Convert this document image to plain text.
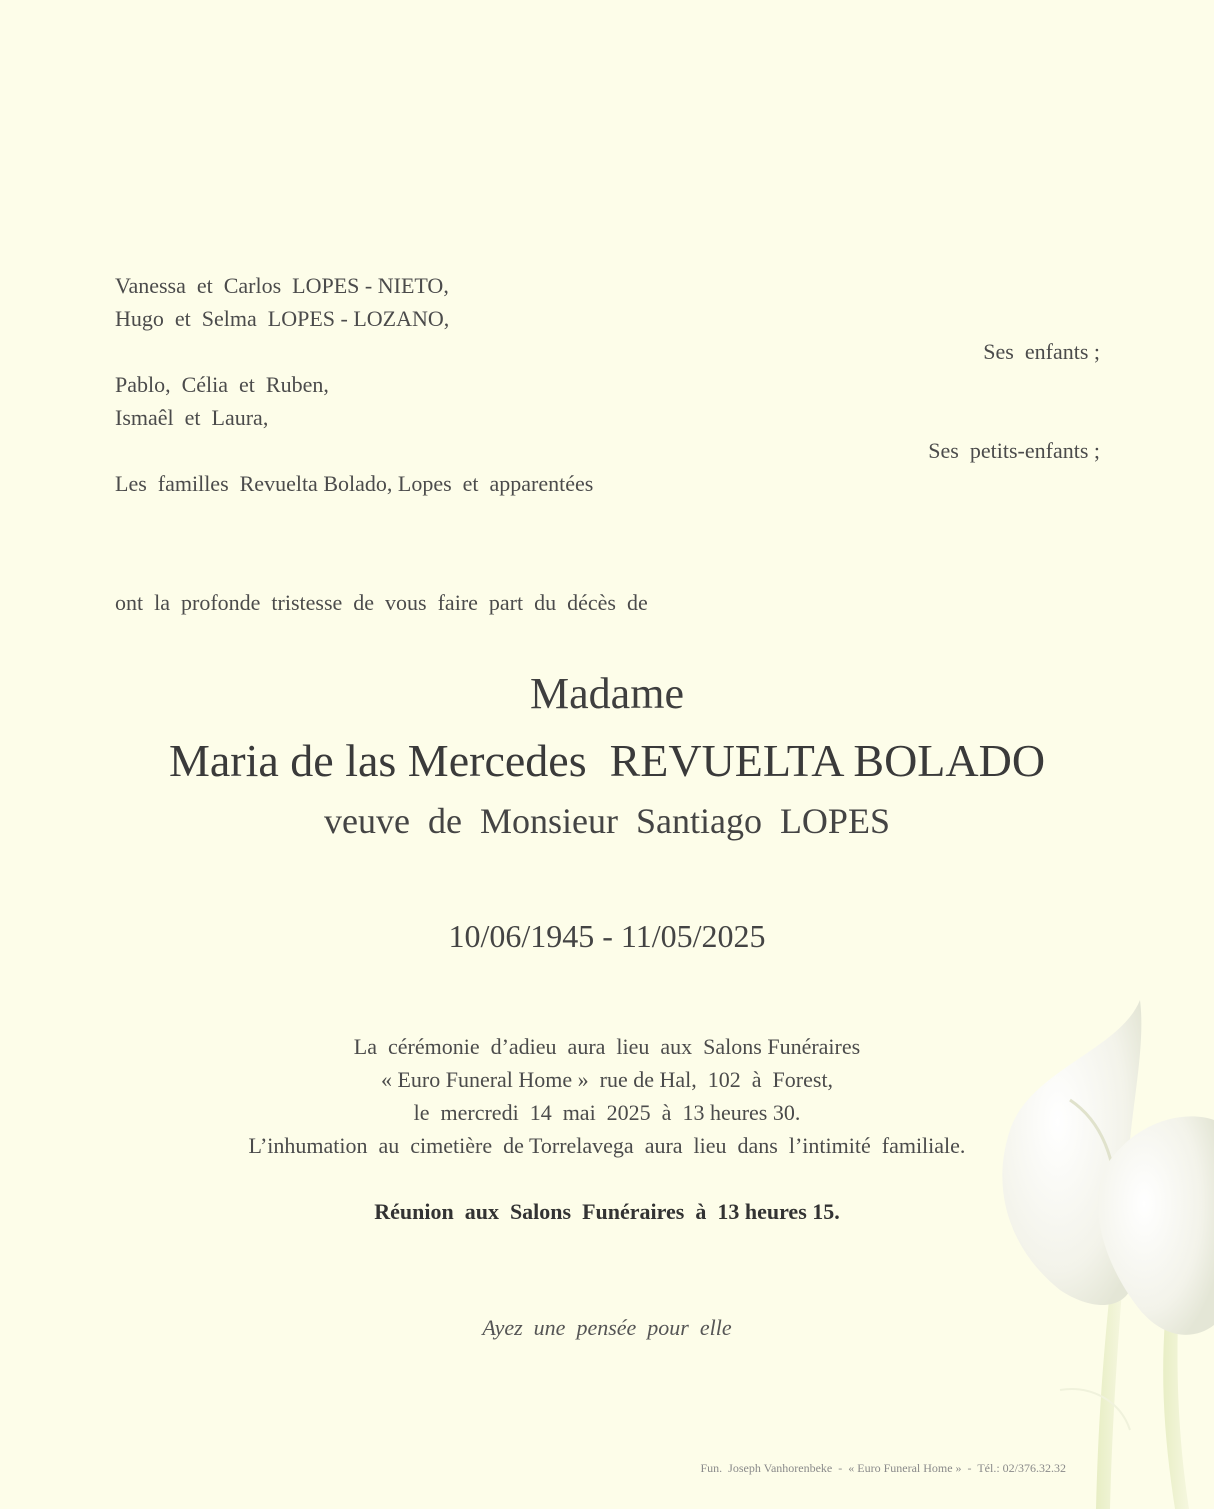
Vanessa  et  Carlos  LOPES - NIETO,
Hugo  et  Selma  LOPES - LOZANO,
Ses  enfants ;
Pablo,  Célia  et  Ruben,
Ismaêl  et  Laura,
Ses  petits-enfants ;
Les  familles  Revuelta Bolado, Lopes  et  apparentées
ont  la  profonde  tristesse  de  vous  faire  part  du  décès  de
Madame
Maria de las Mercedes  REVUELTA BOLADO
veuve  de  Monsieur  Santiago  LOPES
10/06/1945 - 11/05/2025
La  cérémonie  d’adieu  aura  lieu  aux  Salons Funéraires
« Euro Funeral Home »  rue de Hal,  102  à  Forest,
le  mercredi  14  mai  2025  à  13 heures 30.
L’inhumation  au  cimetière  de Torrelavega  aura  lieu  dans  l’intimité  familiale.
Réunion  aux  Salons  Funéraires  à  13 heures 15.
Ayez  une  pensée  pour  elle
Fun.  Joseph Vanhorenbeke  -  « Euro Funeral Home »  -  Tél.: 02/376.32.32
